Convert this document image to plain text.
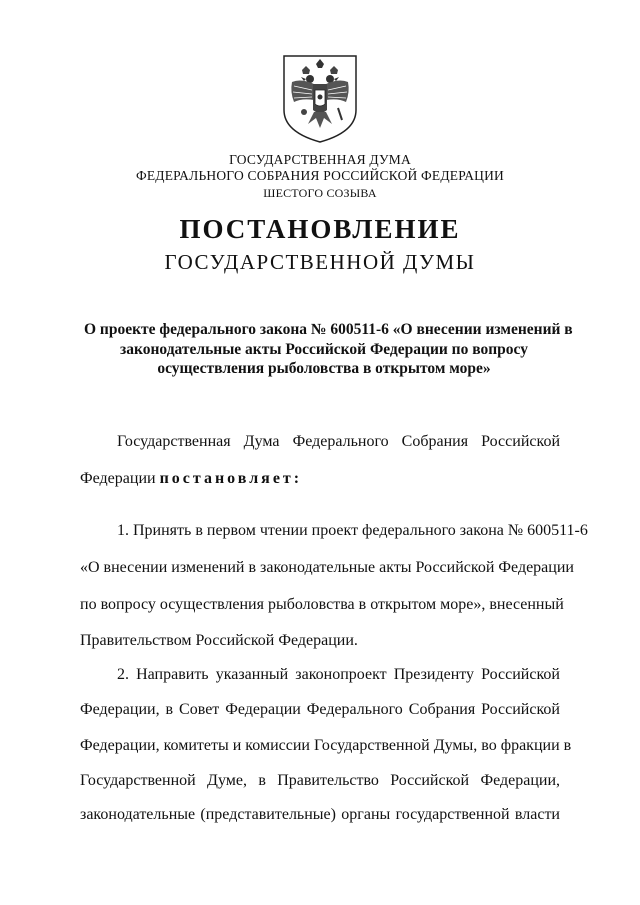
ГОСУДАРСТВЕННАЯ ДУМА
ФЕДЕРАЛЬНОГО СОБРАНИЯ РОССИЙСКОЙ ФЕДЕРАЦИИ
ШЕСТОГО СОЗЫВА
ПОСТАНОВЛЕНИЕ
ГОСУДАРСТВЕННОЙ ДУМЫ
О проекте федерального закона № 600511-6 «О внесении изменений в
законодательные акты Российской Федерации по вопросу
осуществления рыболовства в открытом море»
Государственная Дума Федерального Собрания Российской
Федерации постановляет:
1. Принять в первом чтении проект федерального закона № 600511-6
«О внесении изменений в законодательные акты Российской Федерации
по вопросу осуществления рыболовства в открытом море», внесенный
Правительством Российской Федерации.
2. Направить указанный законопроект Президенту Российской
Федерации, в Совет Федерации Федерального Собрания Российской
Федерации, комитеты и комиссии Государственной Думы, во фракции в
Государственной Думе, в Правительство Российской Федерации,
законодательные (представительные) органы государственной власти
